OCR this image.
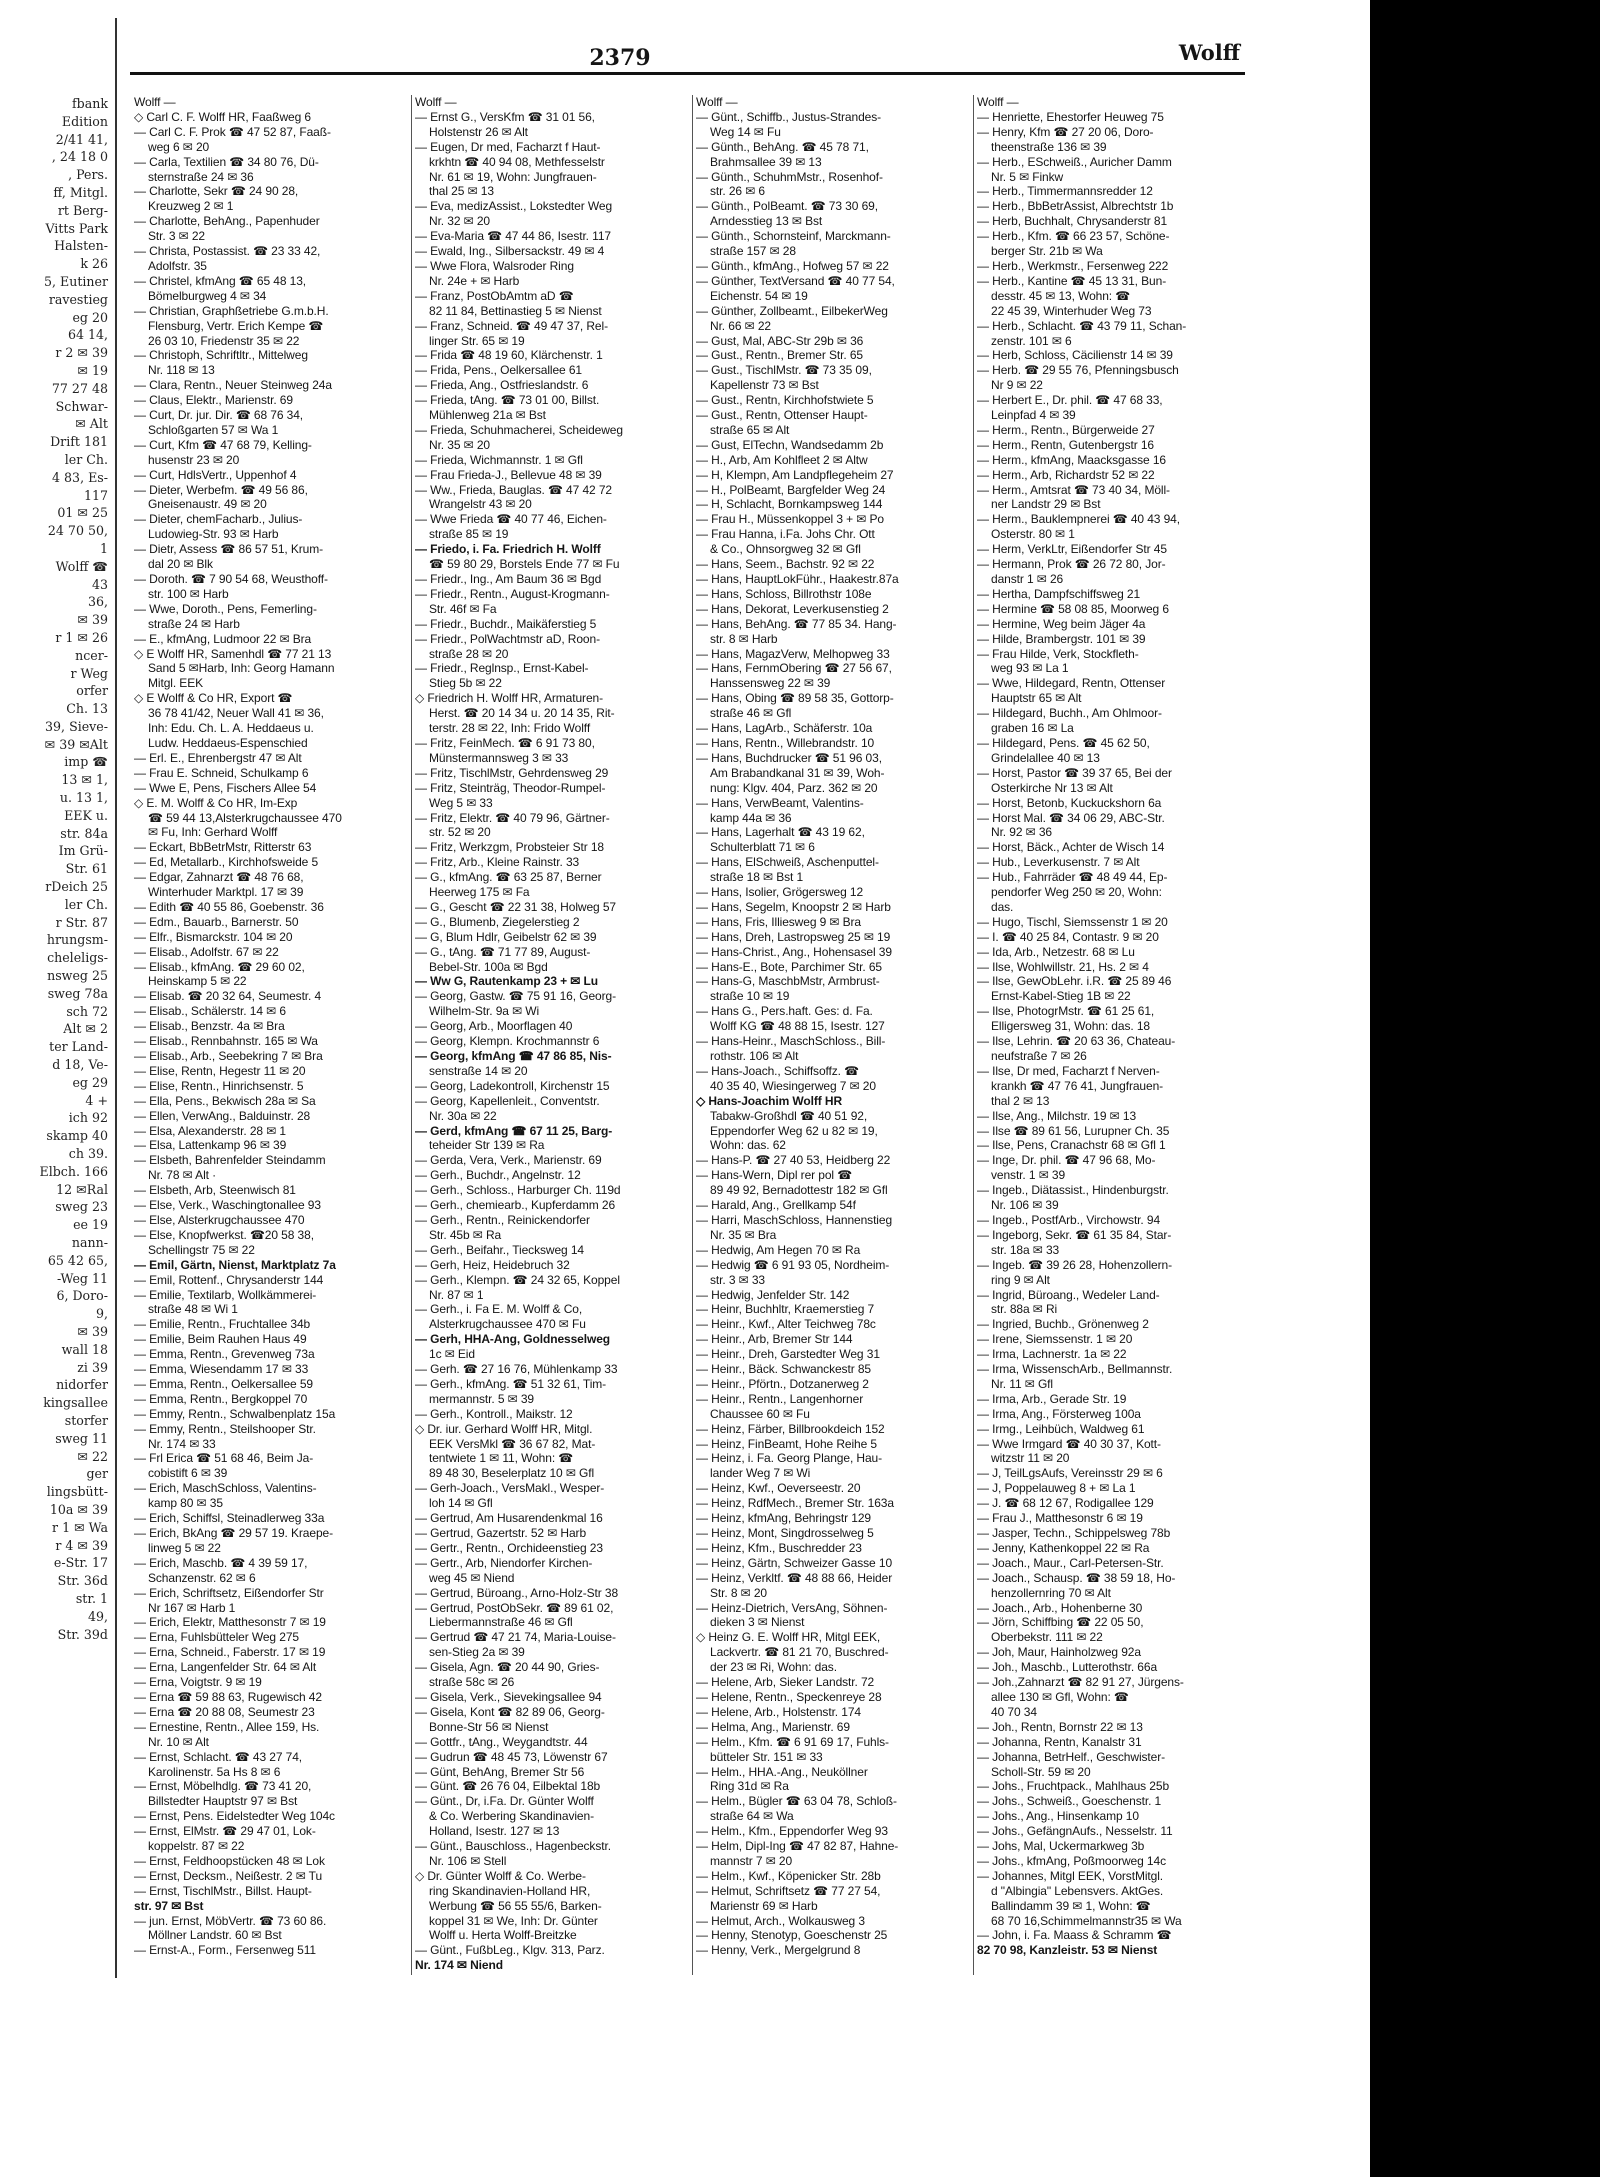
fbank
Edition
2/41 41,
, 24 18 0
, Pers.
ff, Mitgl.
rt Berg-
Vitts Park
Halsten-
k 26
5, Eutiner
ravestieg
eg 20
64 14,
r 2 ✉ 39
✉ 19
77 27 48
Schwar-
✉ Alt
Drift 181
ler Ch.
4 83, Es-
117
01 ✉ 25
24 70 50,
1
Wolff ☎
43
36,
✉ 39
r 1 ✉ 26
ncer-
r Weg
orfer
Ch. 13
39, Sieve-
✉ 39 ✉Alt
imp ☎
13 ✉ 1,
u. 13 1,
EEK u.
str. 84a
Im Grü-
Str. 61
rDeich 25
ler Ch.
r Str. 87
hrungsm-
cheleligs-
nsweg 25
sweg 78a
sch 72
Alt ✉ 2
ter Land-
d 18, Ve-
eg 29
4 +
ich 92
skamp 40
ch 39.
Elbch. 166
12 ✉Ral
sweg 23
ee 19
nann-
65 42 65,
-Weg 11
6, Doro-
9,
✉ 39
wall 18
zi 39
nidorfer
kingsallee
storfer
sweg 11
✉ 22
ger
lingsbütt-
10a ✉ 39
r 1 ✉ Wa
r 4 ✉ 39
e-Str. 17
Str. 36d
str. 1
49,
Str. 39d
2379	Wolff
Wolff —
◇ Carl C. F. Wolff HR, Faaßweg 6
— Carl C. F. Prok ☎ 47 52 87, Faaß-
weg 6 ✉ 20
— Carla, Textilien ☎ 34 80 76, Dü-
sternstraße 24 ✉ 36
— Charlotte, Sekr ☎ 24 90 28,
Kreuzweg 2 ✉ 1
— Charlotte, BehAng., Papenhuder
Str. 3 ✉ 22
— Christa, Postassist. ☎ 23 33 42,
Adolfstr. 35
— Christel, kfmAng ☎ 65 48 13,
Bömelburgweg 4 ✉ 34
— Christian, Graphßetriebe G.m.b.H.
Flensburg, Vertr. Erich Kempe ☎
26 03 10, Friedenstr 35 ✉ 22
— Christoph, Schriftltr., Mittelweg
Nr. 118 ✉ 13
— Clara, Rentn., Neuer Steinweg 24a
— Claus, Elektr., Marienstr. 69
— Curt, Dr. jur. Dir. ☎ 68 76 34,
Schloßgarten 57 ✉ Wa 1
— Curt, Kfm ☎ 47 68 79, Kelling-
husenstr 23 ✉ 20
— Curt, HdlsVertr., Uppenhof 4
— Dieter, Werbefm. ☎ 49 56 86,
Gneisenaustr. 49 ✉ 20
— Dieter, chemFacharb., Julius-
Ludowieg-Str. 93 ✉ Harb
— Dietr, Assess ☎ 86 57 51, Krum-
dal 20 ✉ Blk
— Doroth. ☎ 7 90 54 68, Weusthoff-
str. 100 ✉ Harb
— Wwe, Doroth., Pens, Femerling-
straße 24 ✉ Harb
— E., kfmAng, Ludmoor 22 ✉ Bra
◇ E Wolff HR, Samenhdl ☎ 77 21 13
Sand 5 ✉Harb, Inh: Georg Hamann
Mitgl. EEK
◇ E Wolff & Co HR, Export ☎
36 78 41/42, Neuer Wall 41 ✉ 36,
Inh: Edu. Ch. L. A. Heddaeus u.
Ludw. Heddaeus-Espenschied
— Erl. E., Ehrenbergstr 47 ✉ Alt
— Frau E. Schneid, Schulkamp 6
— Wwe E, Pens, Fischers Allee 54
◇ E. M. Wolff & Co HR, Im-Exp
☎ 59 44 13,Alsterkrugchaussee 470
✉ Fu, Inh: Gerhard Wolff
— Eckart, BbBetrMstr, Ritterstr 63
— Ed, Metallarb., Kirchhofsweide 5
— Edgar, Zahnarzt ☎ 48 76 68,
Winterhuder Marktpl. 17 ✉ 39
— Edith ☎ 40 55 86, Goebenstr. 36
— Edm., Bauarb., Barnerstr. 50
— Elfr., Bismarckstr. 104 ✉ 20
— Elisab., Adolfstr. 67 ✉ 22
— Elisab., kfmAng. ☎ 29 60 02,
Heinskamp 5 ✉ 22
— Elisab. ☎ 20 32 64, Seumestr. 4
— Elisab., Schälerstr. 14 ✉ 6
— Elisab., Benzstr. 4a ✉ Bra
— Elisab., Rennbahnstr. 165 ✉ Wa
— Elisab., Arb., Seebekring 7 ✉ Bra
— Elise, Rentn, Hegestr 11 ✉ 20
— Elise, Rentn., Hinrichsenstr. 5
— Ella, Pens., Bekwisch 28a ✉ Sa
— Ellen, VerwAng., Balduinstr. 28
— Elsa, Alexanderstr. 28 ✉ 1
— Elsa, Lattenkamp 96 ✉ 39
— Elsbeth, Bahrenfelder Steindamm
Nr. 78 ✉ Alt ·
— Elsbeth, Arb, Steenwisch 81
— Else, Verk., Waschingtonallee 93
— Else, Alsterkrugchaussee 470
— Else, Knopfwerkst. ☎20 58 38,
Schellingstr 75 ✉ 22
— Emil, Gärtn, Nienst, Marktplatz 7a
— Emil, Rottenf., Chrysanderstr 144
— Emilie, Textilarb, Wollkämmerei-
straße 48 ✉ Wi 1
— Emilie, Rentn., Fruchtallee 34b
— Emilie, Beim Rauhen Haus 49
— Emma, Rentn., Grevenweg 73a
— Emma, Wiesendamm 17 ✉ 33
— Emma, Rentn., Oelkersallee 59
— Emma, Rentn., Bergkoppel 70
— Emmy, Rentn., Schwalbenplatz 15a
— Emmy, Rentn., Steilshooper Str.
Nr. 174 ✉ 33
— Frl Erica ☎ 51 68 46, Beim Ja-
cobistift 6 ✉ 39
— Erich, MaschSchloss, Valentins-
kamp 80 ✉ 35
— Erich, Schiffsl, Steinadlerweg 33a
— Erich, BkAng ☎ 29 57 19. Kraepe-
linweg 5 ✉ 22
— Erich, Maschb. ☎ 4 39 59 17,
Schanzenstr. 62 ✉ 6
— Erich, Schriftsetz, Eißendorfer Str
Nr 167 ✉ Harb 1
— Erich, Elektr, Matthesonstr 7 ✉ 19
— Erna, Fuhlsbütteler Weg 275
— Erna, Schneid., Faberstr. 17 ✉ 19
— Erna, Langenfelder Str. 64 ✉ Alt
— Erna, Voigtstr. 9 ✉ 19
— Erna ☎ 59 88 63, Rugewisch 42
— Erna ☎ 20 88 08, Seumestr 23
— Ernestine, Rentn., Allee 159, Hs.
Nr. 10 ✉ Alt
— Ernst, Schlacht. ☎ 43 27 74,
Karolinenstr. 5a Hs 8 ✉ 6
— Ernst, Möbelhdlg. ☎ 73 41 20,
Billstedter Hauptstr 97 ✉ Bst
— Ernst, Pens. Eidelstedter Weg 104c
— Ernst, ElMstr. ☎ 29 47 01, Lok-
koppelstr. 87 ✉ 22
— Ernst, Feldhoopstücken 48 ✉ Lok
— Ernst, Decksm., Neißestr. 2 ✉ Tu
— Ernst, TischlMstr., Billst. Haupt-
str. 97 ✉ Bst
— jun. Ernst, MöbVertr. ☎ 73 60 86.
Möllner Landstr. 60 ✉ Bst
— Ernst-A., Form., Fersenweg 511
Wolff —
— Ernst G., VersKfm ☎ 31 01 56,
Holstenstr 26 ✉ Alt
— Eugen, Dr med, Facharzt f Haut-
krkhtn ☎ 40 94 08, Methfesselstr
Nr. 61 ✉ 19, Wohn: Jungfrauen-
thal 25 ✉ 13
— Eva, medizAssist., Lokstedter Weg
Nr. 32 ✉ 20
— Eva-Maria ☎ 47 44 86, Isestr. 117
— Ewald, Ing., Silbersackstr. 49 ✉ 4
— Wwe Flora, Walsroder Ring
Nr. 24e + ✉ Harb
— Franz, PostObAmtm aD ☎
82 11 84, Bettinastieg 5 ✉ Nienst
— Franz, Schneid. ☎ 49 47 37, Rel-
linger Str. 65 ✉ 19
— Frida ☎ 48 19 60, Klärchenstr. 1
— Frida, Pens., Oelkersallee 61
— Frieda, Ang., Ostfrieslandstr. 6
— Frieda, tAng. ☎ 73 01 00, Billst.
Mühlenweg 21a ✉ Bst
— Frieda, Schuhmacherei, Scheideweg
Nr. 35 ✉ 20
— Frieda, Wichmannstr. 1 ✉ Gfl
— Frau Frieda-J., Bellevue 48 ✉ 39
— Ww., Frieda, Bauglas. ☎ 47 42 72
Wrangelstr 43 ✉ 20
— Wwe Frieda ☎ 40 77 46, Eichen-
straße 85 ✉ 19
— Friedo, i. Fa. Friedrich H. Wolff
☎ 59 80 29, Borstels Ende 77 ✉ Fu
— Friedr., Ing., Am Baum 36 ✉ Bgd
— Friedr., Rentn., August-Krogmann-
Str. 46f ✉ Fa
— Friedr., Buchdr., Maikäferstieg 5
— Friedr., PolWachtmstr aD, Roon-
straße 28 ✉ 20
— Friedr., Reglnsp., Ernst-Kabel-
Stieg 5b ✉ 22
◇ Friedrich H. Wolff HR, Armaturen-
Herst. ☎ 20 14 34 u. 20 14 35, Rit-
terstr. 28 ✉ 22, Inh: Frido Wolff
— Fritz, FeinMech. ☎ 6 91 73 80,
Münstermannsweg 3 ✉ 33
— Fritz, TischlMstr, Gehrdensweg 29
— Fritz, Steinträg, Theodor-Rumpel-
Weg 5 ✉ 33
— Fritz, Elektr. ☎ 40 79 96, Gärtner-
str. 52 ✉ 20
— Fritz, Werkzgm, Probsteier Str 18
— Fritz, Arb., Kleine Rainstr. 33
— G., kfmAng. ☎ 63 25 87, Berner
Heerweg 175 ✉ Fa
— G., Gescht ☎ 22 31 38, Holweg 57
— G., Blumenb, Ziegelerstieg 2
— G, Blum Hdlr, Geibelstr 62 ✉ 39
— G., tAng. ☎ 71 77 89, August-
Bebel-Str. 100a ✉ Bgd
— Ww G, Rautenkamp 23 + ✉ Lu
— Georg, Gastw. ☎ 75 91 16, Georg-
Wilhelm-Str. 9a ✉ Wi
— Georg, Arb., Moorflagen 40
— Georg, Klempn. Krochmannstr 6
— Georg, kfmAng ☎ 47 86 85, Nis-
senstraße 14 ✉ 20
— Georg, Ladekontroll, Kirchenstr 15
— Georg, Kapellenleit., Conventstr.
Nr. 30a ✉ 22
— Gerd, kfmAng ☎ 67 11 25, Barg-
teheider Str 139 ✉ Ra
— Gerda, Vera, Verk., Marienstr. 69
— Gerh., Buchdr., Angelnstr. 12
— Gerh., Schloss., Harburger Ch. 119d
— Gerh., chemiearb., Kupferdamm 26
— Gerh., Rentn., Reinickendorfer
Str. 45b ✉ Ra
— Gerh., Beifahr., Tiecksweg 14
— Gerh, Heiz, Heidebruch 32
— Gerh., Klempn. ☎ 24 32 65, Koppel
Nr. 87 ✉ 1
— Gerh., i. Fa E. M. Wolff & Co,
Alsterkrugchaussee 470 ✉ Fu
— Gerh, HHA-Ang, Goldnesselweg
1c ✉ Eid
— Gerh. ☎ 27 16 76, Mühlenkamp 33
— Gerh., kfmAng. ☎ 51 32 61, Tim-
mermannstr. 5 ✉ 39
— Gerh., Kontroll., Maikstr. 12
◇ Dr. iur. Gerhard Wolff HR, Mitgl.
EEK VersMkl ☎ 36 67 82, Mat-
tentwiete 1 ✉ 11, Wohn: ☎
89 48 30, Beselerplatz 10 ✉ Gfl
— Gerh-Joach., VersMakl., Wesper-
loh 14 ✉ Gfl
— Gertrud, Am Husarendenkmal 16
— Gertrud, Gazertstr. 52 ✉ Harb
— Gertr., Rentn., Orchideenstieg 23
— Gertr., Arb, Niendorfer Kirchen-
weg 45 ✉ Niend
— Gertrud, Büroang., Arno-Holz-Str 38
— Gertrud, PostObSekr. ☎ 89 61 02,
Liebermannstraße 46 ✉ Gfl
— Gertrud ☎ 47 21 74, Maria-Louise-
sen-Stieg 2a ✉ 39
— Gisela, Agn. ☎ 20 44 90, Gries-
straße 58c ✉ 26
— Gisela, Verk., Sievekingsallee 94
— Gisela, Kont ☎ 82 89 06, Georg-
Bonne-Str 56 ✉ Nienst
— Gottfr., tAng., Weygandtstr. 44
— Gudrun ☎ 48 45 73, Löwenstr 67
— Günt, BehAng, Bremer Str 56
— Günt. ☎ 26 76 04, Eilbektal 18b
— Günt., Dr, i.Fa. Dr. Günter Wolff
& Co. Werbering Skandinavien-
Holland, Isestr. 127 ✉ 13
— Günt., Bauschloss., Hagenbeckstr.
Nr. 106 ✉ Stell
◇ Dr. Günter Wolff & Co. Werbe-
ring Skandinavien-Holland HR,
Werbung ☎ 56 55 55/6, Barken-
koppel 31 ✉ We, Inh: Dr. Günter
Wolff u. Herta Wolff-Breitzke
— Günt., FußbLeg., Klgv. 313, Parz.
Nr. 174 ✉ Niend
Wolff —
— Günt., Schiffb., Justus-Strandes-
Weg 14 ✉ Fu
— Günth., BehAng. ☎ 45 78 71,
Brahmsallee 39 ✉ 13
— Günth., SchuhmMstr., Rosenhof-
str. 26 ✉ 6
— Günth., PolBeamt. ☎ 73 30 69,
Arndesstieg 13 ✉ Bst
— Günth., Schornsteinf, Marckmann-
straße 157 ✉ 28
— Günth., kfmAng., Hofweg 57 ✉ 22
— Günther, TextVersand ☎ 40 77 54,
Eichenstr. 54 ✉ 19
— Günther, Zollbeamt., EilbekerWeg
Nr. 66 ✉ 22
— Gust, Mal, ABC-Str 29b ✉ 36
— Gust., Rentn., Bremer Str. 65
— Gust., TischlMstr. ☎ 73 35 09,
Kapellenstr 73 ✉ Bst
— Gust., Rentn, Kirchhofstwiete 5
— Gust., Rentn, Ottenser Haupt-
straße 65 ✉ Alt
— Gust, ElTechn, Wandsedamm 2b
— H., Arb, Am Kohlfleet 2 ✉ Altw
— H, Klempn, Am Landpflegeheim 27
— H., PolBeamt, Bargfelder Weg 24
— H, Schlacht, Bornkampsweg 144
— Frau H., Müssenkoppel 3 + ✉ Po
— Frau Hanna, i.Fa. Johs Chr. Ott
& Co., Ohnsorgweg 32 ✉ Gfl
— Hans, Seem., Bachstr. 92 ✉ 22
— Hans, HauptLokFühr., Haakestr.87a
— Hans, Schloss, Billrothstr 108e
— Hans, Dekorat, Leverkusenstieg 2
— Hans, BehAng. ☎ 77 85 34. Hang-
str. 8 ✉ Harb
— Hans, MagazVerw, Melhopweg 33
— Hans, FernmObering ☎ 27 56 67,
Hanssensweg 22 ✉ 39
— Hans, Obing ☎ 89 58 35, Gottorp-
straße 46 ✉ Gfl
— Hans, LagArb., Schäferstr. 10a
— Hans, Rentn., Willebrandstr. 10
— Hans, Buchdrucker ☎ 51 96 03,
Am Brabandkanal 31 ✉ 39, Woh-
nung: Klgv. 404, Parz. 362 ✉ 20
— Hans, VerwBeamt, Valentins-
kamp 44a ✉ 36
— Hans, Lagerhalt ☎ 43 19 62,
Schulterblatt 71 ✉ 6
— Hans, ElSchweiß, Aschenputtel-
straße 18 ✉ Bst 1
— Hans, Isolier, Grögersweg 12
— Hans, Segelm, Knoopstr 2 ✉ Harb
— Hans, Fris, Illiesweg 9 ✉ Bra
— Hans, Dreh, Lastropsweg 25 ✉ 19
— Hans-Christ., Ang., Hohensasel 39
— Hans-E., Bote, Parchimer Str. 65
— Hans-G, MaschbMstr, Armbrust-
straße 10 ✉ 19
— Hans G., Pers.haft. Ges: d. Fa.
Wolff KG ☎ 48 88 15, Isestr. 127
— Hans-Heinr., MaschSchloss., Bill-
rothstr. 106 ✉ Alt
— Hans-Joach., Schiffsoffz. ☎
40 35 40, Wiesingerweg 7 ✉ 20
◇ Hans-Joachim Wolff HR
Tabakw-Großhdl ☎ 40 51 92,
Eppendorfer Weg 62 u 82 ✉ 19,
Wohn: das. 62
— Hans-P. ☎ 27 40 53, Heidberg 22
— Hans-Wern, Dipl rer pol ☎
89 49 92, Bernadottestr 182 ✉ Gfl
— Harald, Ang., Grellkamp 54f
— Harri, MaschSchloss, Hannenstieg
Nr. 35 ✉ Bra
— Hedwig, Am Hegen 70 ✉ Ra
— Hedwig ☎ 6 91 93 05, Nordheim-
str. 3 ✉ 33
— Hedwig, Jenfelder Str. 142
— Heinr, Buchhltr, Kraemerstieg 7
— Heinr., Kwf., Alter Teichweg 78c
— Heinr., Arb, Bremer Str 144
— Heinr., Dreh, Garstedter Weg 31
— Heinr., Bäck. Schwanckestr 85
— Heinr., Pförtn., Dotzanerweg 2
— Heinr., Rentn., Langenhorner
Chaussee 60 ✉ Fu
— Heinz, Färber, Billbrookdeich 152
— Heinz, FinBeamt, Hohe Reihe 5
— Heinz, i. Fa. Georg Plange, Hau-
lander Weg 7 ✉ Wi
— Heinz, Kwf., Oeverseestr. 20
— Heinz, RdfMech., Bremer Str. 163a
— Heinz, kfmAng, Behringstr 129
— Heinz, Mont, Singdrosselweg 5
— Heinz, Kfm., Buschredder 23
— Heinz, Gärtn, Schweizer Gasse 10
— Heinz, Verkltf. ☎ 48 88 66, Heider
Str. 8 ✉ 20
— Heinz-Dietrich, VersAng, Söhnen-
dieken 3 ✉ Nienst
◇ Heinz G. E. Wolff HR, Mitgl EEK,
Lackvertr. ☎ 81 21 70, Buschred-
der 23 ✉ Ri, Wohn: das.
— Helene, Arb, Sieker Landstr. 72
— Helene, Rentn., Speckenreye 28
— Helene, Arb., Holstenstr. 174
— Helma, Ang., Marienstr. 69
— Helm., Kfm. ☎ 6 91 69 17, Fuhls-
bütteler Str. 151 ✉ 33
— Helm., HHA.-Ang., Neuköllner
Ring 31d ✉ Ra
— Helm., Bügler ☎ 63 04 78, Schloß-
straße 64 ✉ Wa
— Helm., Kfm., Eppendorfer Weg 93
— Helm, Dipl-Ing ☎ 47 82 87, Hahne-
mannstr 7 ✉ 20
— Helm., Kwf., Köpenicker Str. 28b
— Helmut, Schriftsetz ☎ 77 27 54,
Marienstr 69 ✉ Harb
— Helmut, Arch., Wolkausweg 3
— Henny, Stenotyp, Goeschenstr 25
— Henny, Verk., Mergelgrund 8
Wolff —
— Henriette, Ehestorfer Heuweg 75
— Henry, Kfm ☎ 27 20 06, Doro-
theenstraße 136 ✉ 39
— Herb., ESchweiß., Auricher Damm
Nr. 5 ✉ Finkw
— Herb., Timmermannsredder 12
— Herb., BbBetrAssist, Albrechtstr 1b
— Herb, Buchhalt, Chrysanderstr 81
— Herb., Kfm. ☎ 66 23 57, Schöne-
berger Str. 21b ✉ Wa
— Herb., Werkmstr., Fersenweg 222
— Herb., Kantine ☎ 45 13 31, Bun-
desstr. 45 ✉ 13, Wohn: ☎
22 45 39, Winterhuder Weg 73
— Herb., Schlacht. ☎ 43 79 11, Schan-
zenstr. 101 ✉ 6
— Herb, Schloss, Cäcilienstr 14 ✉ 39
— Herb. ☎ 29 55 76, Pfenningsbusch
Nr 9 ✉ 22
— Herbert E., Dr. phil. ☎ 47 68 33,
Leinpfad 4 ✉ 39
— Herm., Rentn., Bürgerweide 27
— Herm., Rentn, Gutenbergstr 16
— Herm., kfmAng, Maacksgasse 16
— Herm., Arb, Richardstr 52 ✉ 22
— Herm., Amtsrat ☎ 73 40 34, Möll-
ner Landstr 29 ✉ Bst
— Herm., Bauklempnerei ☎ 40 43 94,
Osterstr. 80 ✉ 1
— Herm, VerkLtr, Eißendorfer Str 45
— Hermann, Prok ☎ 26 72 80, Jor-
danstr 1 ✉ 26
— Hertha, Dampfschiffsweg 21
— Hermine ☎ 58 08 85, Moorweg 6
— Hermine, Weg beim Jäger 4a
— Hilde, Brambergstr. 101 ✉ 39
— Frau Hilde, Verk, Stockfleth-
weg 93 ✉ La 1
— Wwe, Hildegard, Rentn, Ottenser
Hauptstr 65 ✉ Alt
— Hildegard, Buchh., Am Ohlmoor-
graben 16 ✉ La
— Hildegard, Pens. ☎ 45 62 50,
Grindelallee 40 ✉ 13
— Horst, Pastor ☎ 39 37 65, Bei der
Osterkirche Nr 13 ✉ Alt
— Horst, Betonb, Kuckuckshorn 6a
— Horst Mal. ☎ 34 06 29, ABC-Str.
Nr. 92 ✉ 36
— Horst, Bäck., Achter de Wisch 14
— Hub., Leverkusenstr. 7 ✉ Alt
— Hub., Fahrräder ☎ 48 49 44, Ep-
pendorfer Weg 250 ✉ 20, Wohn:
das.
— Hugo, Tischl, Siemssenstr 1 ✉ 20
— I. ☎ 40 25 84, Contastr. 9 ✉ 20
— Ida, Arb., Netzestr. 68 ✉ Lu
— Ilse, Wohlwillstr. 21, Hs. 2 ✉ 4
— Ilse, GewObLehr. i.R. ☎ 25 89 46
Ernst-Kabel-Stieg 1B ✉ 22
— Ilse, PhotogrMstr. ☎ 61 25 61,
Elligersweg 31, Wohn: das. 18
— Ilse, Lehrin. ☎ 20 63 36, Chateau-
neufstraße 7 ✉ 26
— Ilse, Dr med, Facharzt f Nerven-
krankh ☎ 47 76 41, Jungfrauen-
thal 2 ✉ 13
— Ilse, Ang., Milchstr. 19 ✉ 13
— Ilse ☎ 89 61 56, Lurupner Ch. 35
— Ilse, Pens, Cranachstr 68 ✉ Gfl 1
— Inge, Dr. phil. ☎ 47 96 68, Mo-
venstr. 1 ✉ 39
— Ingeb., Diätassist., Hindenburgstr.
Nr. 106 ✉ 39
— Ingeb., PostfArb., Virchowstr. 94
— Ingeborg, Sekr. ☎ 61 35 84, Star-
str. 18a ✉ 33
— Ingeb. ☎ 39 26 28, Hohenzollern-
ring 9 ✉ Alt
— Ingrid, Büroang., Wedeler Land-
str. 88a ✉ Ri
— Ingried, Buchb., Grönenweg 2
— Irene, Siemssenstr. 1 ✉ 20
— Irma, Lachnerstr. 1a ✉ 22
— Irma, WissenschArb., Bellmannstr.
Nr. 11 ✉ Gfl
— Irma, Arb., Gerade Str. 19
— Irma, Ang., Försterweg 100a
— Irmg., Leihbüch, Waldweg 61
— Wwe Irmgard ☎ 40 30 37, Kott-
witzstr 11 ✉ 20
— J, TeilLgsAufs, Vereinsstr 29 ✉ 6
— J, Poppelauweg 8 + ✉ La 1
— J. ☎ 68 12 67, Rodigallee 129
— Frau J., Matthesonstr 6 ✉ 19
— Jasper, Techn., Schippelsweg 78b
— Jenny, Kathenkoppel 22 ✉ Ra
— Joach., Maur., Carl-Petersen-Str.
— Joach., Schausp. ☎ 38 59 18, Ho-
henzollernring 70 ✉ Alt
— Joach., Arb., Hohenberne 30
— Jörn, Schiffbing ☎ 22 05 50,
Oberbekstr. 111 ✉ 22
— Joh, Maur, Hainholzweg 92a
— Joh., Maschb., Lutterothstr. 66a
— Joh.,Zahnarzt ☎ 82 91 27, Jürgens-
allee 130 ✉ Gfl, Wohn: ☎
40 70 34
— Joh., Rentn, Bornstr 22 ✉ 13
— Johanna, Rentn, Kanalstr 31
— Johanna, BetrHelf., Geschwister-
Scholl-Str. 59 ✉ 20
— Johs., Fruchtpack., Mahlhaus 25b
— Johs., Schweiß., Goeschenstr. 1
— Johs., Ang., Hinsenkamp 10
— Johs., GefängnAufs., Nesselstr. 11
— Johs, Mal, Uckermarkweg 3b
— Johs., kfmAng, Poßmoorweg 14c
— Johannes, Mitgl EEK, VorstMitgl.
d "Albingia" Lebensvers. AktGes.
Ballindamm 39 ✉ 1, Wohn: ☎
68 70 16,Schimmelmannstr35 ✉ Wa
— John, i. Fa. Maass & Schramm ☎
82 70 98, Kanzleistr. 53 ✉ Nienst
